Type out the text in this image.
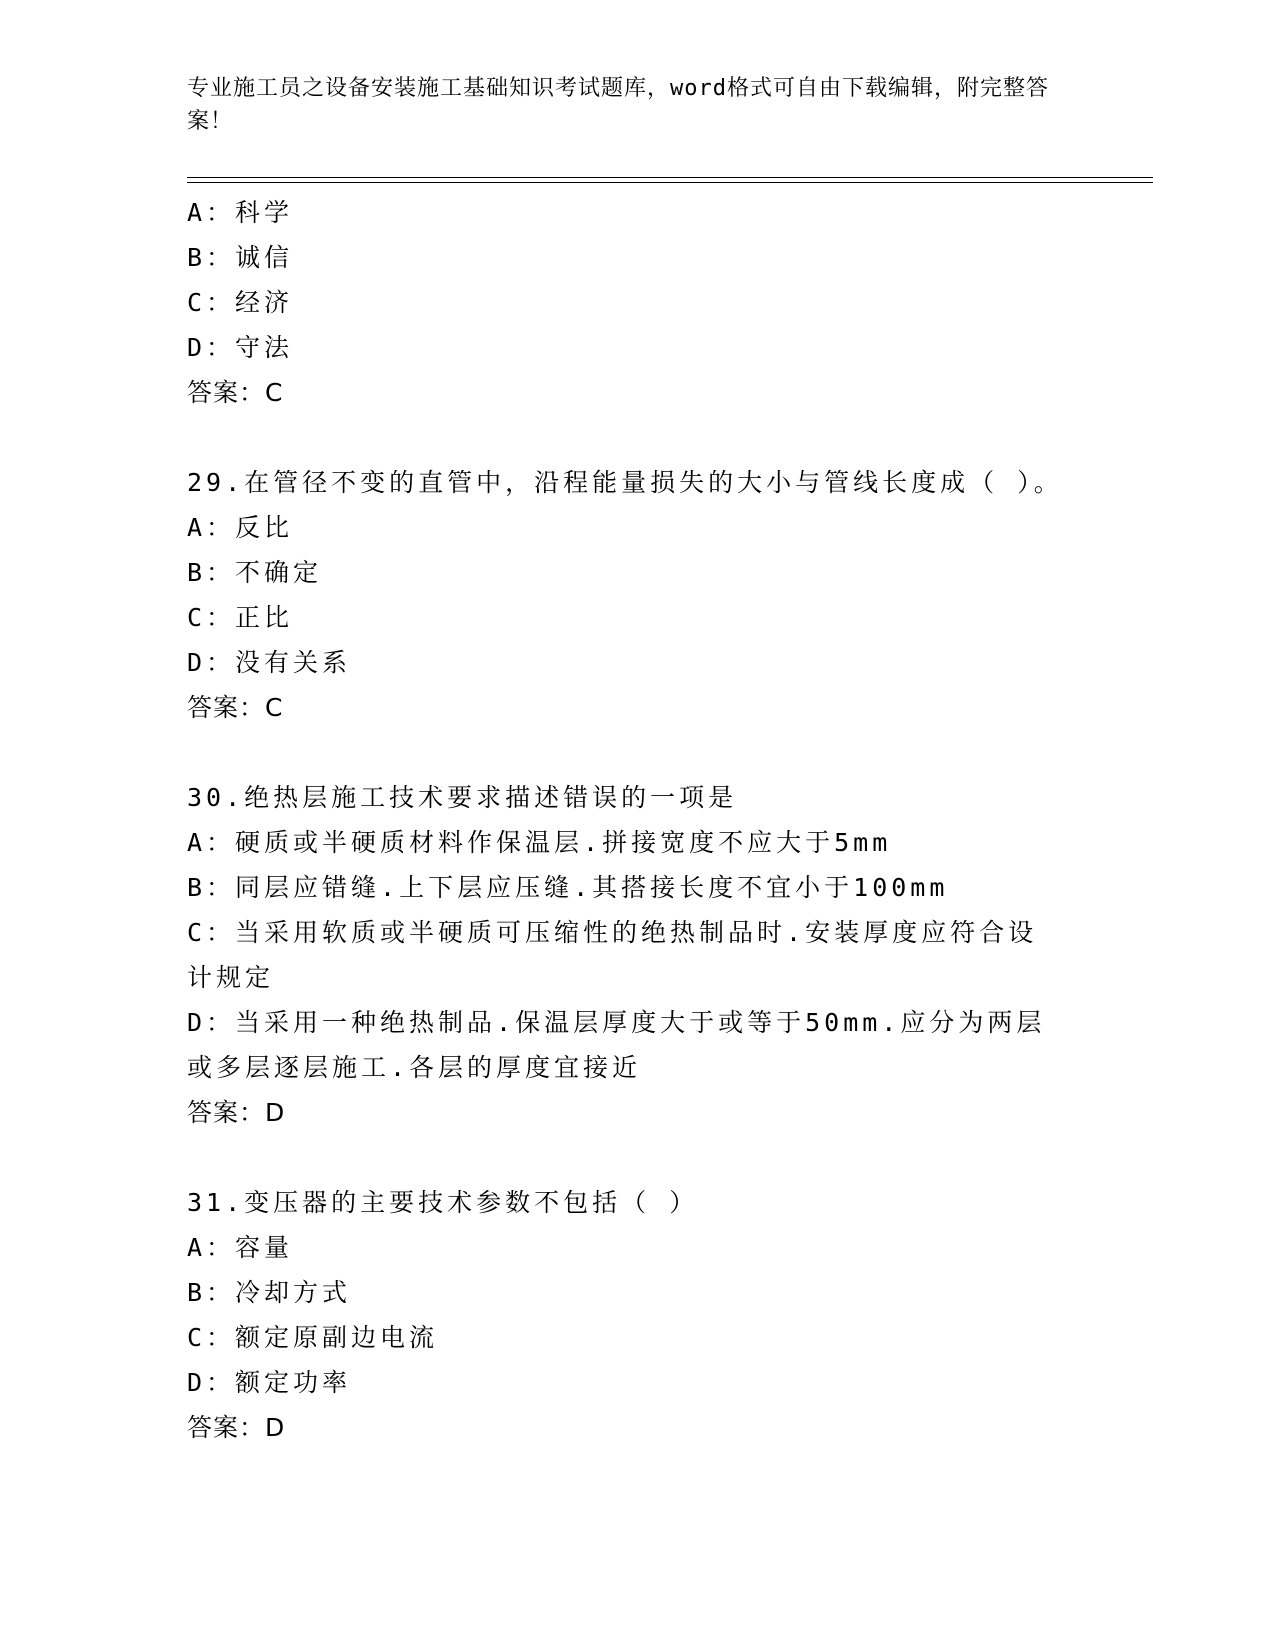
专业施工员之设备安装施工基础知识考试题库，word格式可自由下载编辑，附完整答案！
A：科学
B：诚信
C：经济
D：守法
答案：C
29.在管径不变的直管中，沿程能量损失的大小与管线长度成（ ）。
A：反比
B：不确定
C：正比
D：没有关系
答案：C
30.绝热层施工技术要求描述错误的一项是
A：硬质或半硬质材料作保温层.拼接宽度不应大于5mm
B：同层应错缝.上下层应压缝.其搭接长度不宜小于100mm
C：当采用软质或半硬质可压缩性的绝热制品时.安装厚度应符合设计规定
D：当采用一种绝热制品.保温层厚度大于或等于50mm.应分为两层或多层逐层施工.各层的厚度宜接近
答案：D
31.变压器的主要技术参数不包括（ ）
A：容量
B：冷却方式
C：额定原副边电流
D：额定功率
答案：D
